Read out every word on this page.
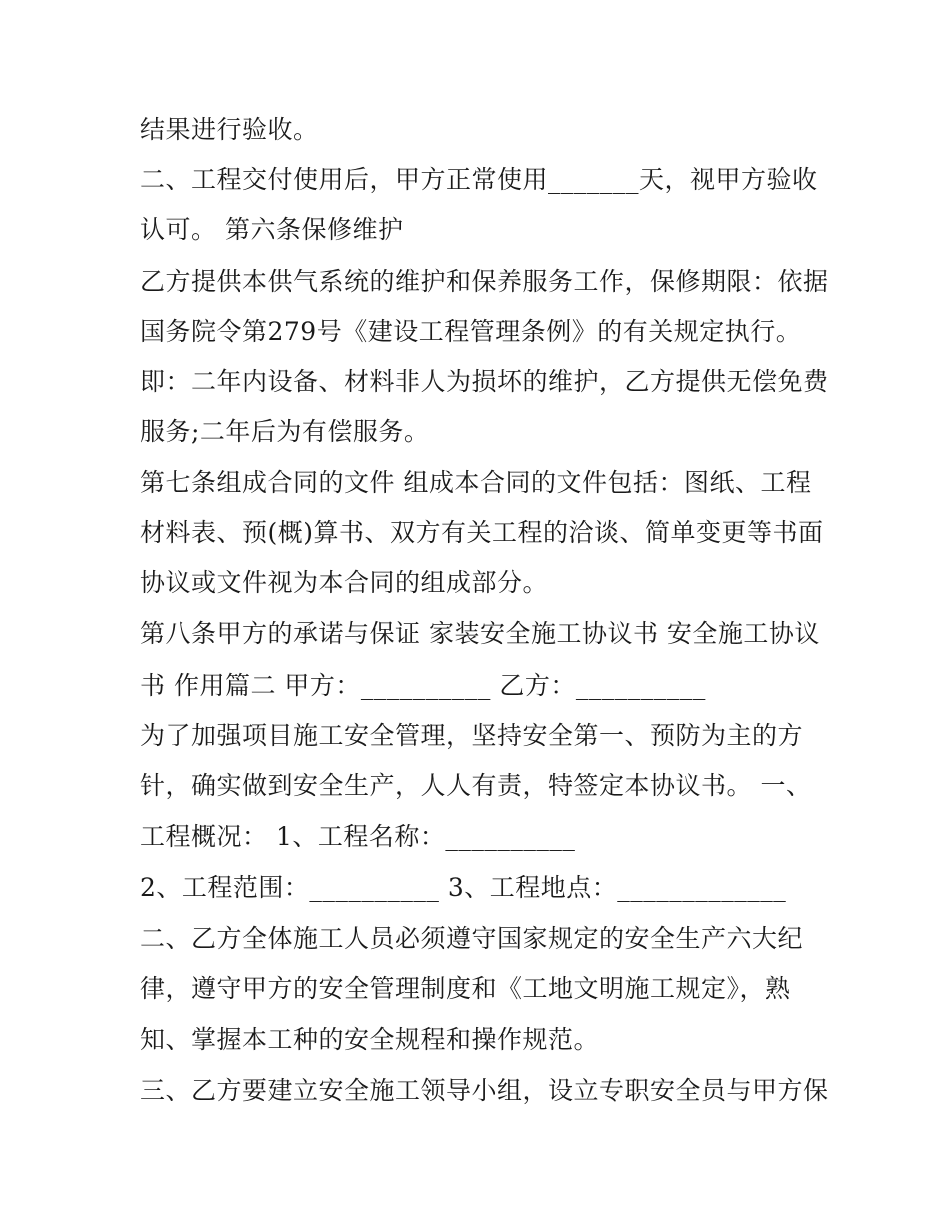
结果进行验收。
二、工程交付使用后，甲方正常使用_______天，视甲方验收
认可。 第六条保修维护
乙方提供本供气系统的维护和保养服务工作，保修期限：依据
国务院令第279号《建设工程管理条例》的有关规定执行。
即：二年内设备、材料非人为损坏的维护，乙方提供无偿免费
服务;二年后为有偿服务。
第七条组成合同的文件 组成本合同的文件包括：图纸、工程
材料表、预(概)算书、双方有关工程的洽谈、简单变更等书面
协议或文件视为本合同的组成部分。
第八条甲方的承诺与保证 家装安全施工协议书 安全施工协议
书 作用篇二 甲方：__________ 乙方：__________
为了加强项目施工安全管理，坚持安全第一、预防为主的方
针，确实做到安全生产，人人有责，特签定本协议书。 一、
工程概况： 1、工程名称：__________
2、工程范围：__________ 3、工程地点：_____________
二、乙方全体施工人员必须遵守国家规定的安全生产六大纪
律，遵守甲方的安全管理制度和《工地文明施工规定》，熟
知、掌握本工种的安全规程和操作规范。
三、乙方要建立安全施工领导小组，设立专职安全员与甲方保
